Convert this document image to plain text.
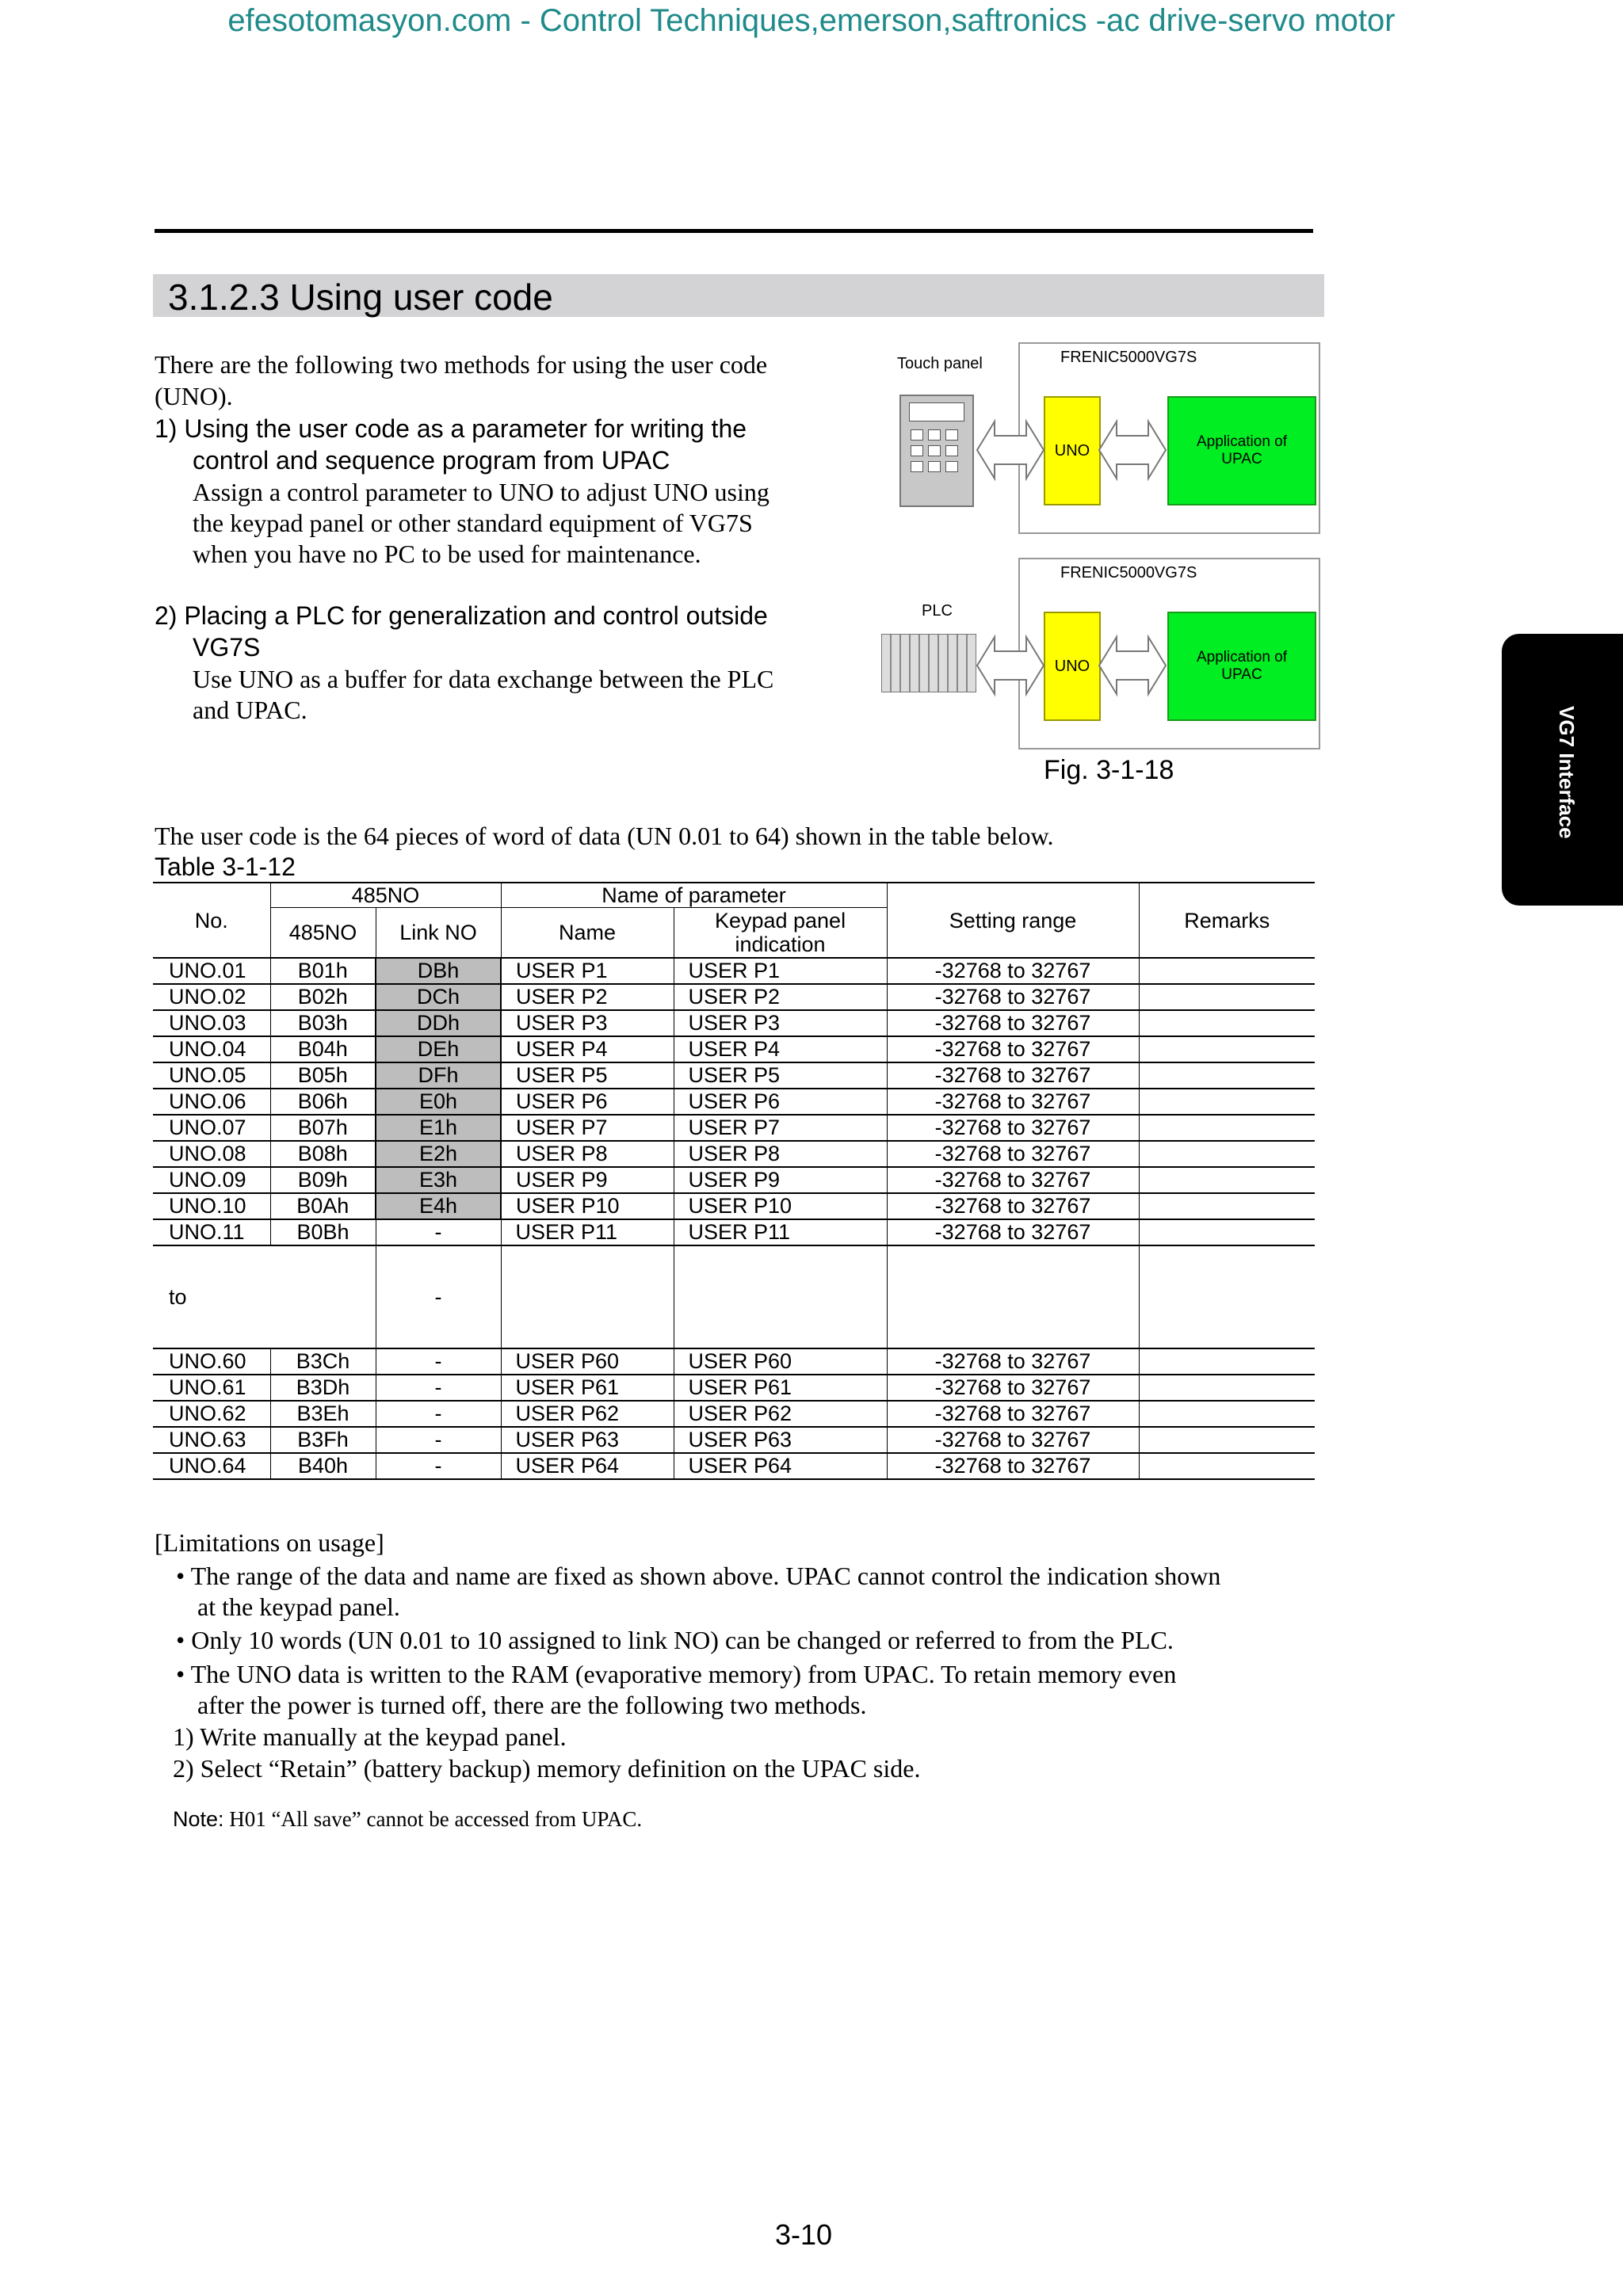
efesotomasyon.com - Control Techniques,emerson,saftronics -ac drive-servo motor
3.1.2.3 Using user code
There are the following two methods for using the user code
(UNO).
1) Using the user code as a parameter for writing the
control and sequence program from UPAC
Assign a control parameter to UNO to adjust UNO using
the keypad panel or other standard equipment of VG7S
when you have no PC to be used for maintenance.
2) Placing a PLC for generalization and control outside
VG7S
Use UNO as a buffer for data exchange between the PLC
and UPAC.	VG7 Interface
Touch panel	FRENIC5000VG7S
UNO	Application of
UPAC
PLC
FRENIC5000VG7S
UNO	Application of
UPAC
Fig. 3-1-18
The user code is the 64 pieces of word of data (UN 0.01 to 64) shown in the table below.
Table 3-1-12
No.	485NO		Name of parameter		Setting range	Remarks
	485NO	Link NO	Name	Keypad panel
indication		
UNO.01	B01h	DBh	USER P1	USER P1	-32768 to 32767	
UNO.02	B02h	DCh	USER P2	USER P2	-32768 to 32767	
UNO.03	B03h	DDh	USER P3	USER P3	-32768 to 32767	
UNO.04	B04h	DEh	USER P4	USER P4	-32768 to 32767	
UNO.05	B05h	DFh	USER P5	USER P5	-32768 to 32767	
UNO.06	B06h	E0h	USER P6	USER P6	-32768 to 32767	
UNO.07	B07h	E1h	USER P7	USER P7	-32768 to 32767	
UNO.08	B08h	E2h	USER P8	USER P8	-32768 to 32767	
UNO.09	B09h	E3h	USER P9	USER P9	-32768 to 32767	
UNO.10	B0Ah	E4h	USER P10	USER P10	-32768 to 32767	
UNO.11	B0Bh	-	USER P11	USER P11	-32768 to 32767	
to		-				
UNO.60	B3Ch	-	USER P60	USER P60	-32768 to 32767	
UNO.61	B3Dh	-	USER P61	USER P61	-32768 to 32767	
UNO.62	B3Eh	-	USER P62	USER P62	-32768 to 32767	
UNO.63	B3Fh	-	USER P63	USER P63	-32768 to 32767	
UNO.64	B40h	-	USER P64	USER P64	-32768 to 32767	
[Limitations on usage]
• The range of the data and name are fixed as shown above. UPAC cannot control the indication shown
at the keypad panel.
• Only 10 words (UN 0.01 to 10 assigned to link NO) can be changed or referred to from the PLC.
• The UNO data is written to the RAM (evaporative memory) from UPAC. To retain memory even
after the power is turned off, there are the following two methods.
1) Write manually at the keypad panel.
2) Select “Retain” (battery backup) memory definition on the UPAC side.
Note: H01 “All save” cannot be accessed from UPAC.
3-10
